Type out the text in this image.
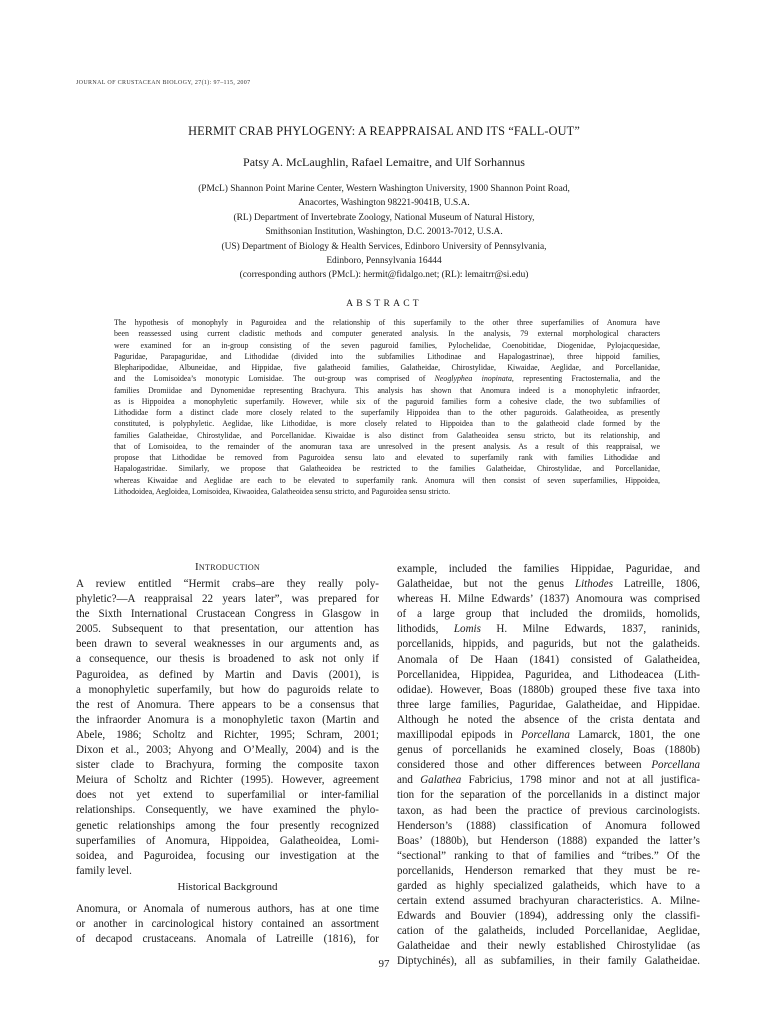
JOURNAL OF CRUSTACEAN BIOLOGY, 27(1): 97–115, 2007
HERMIT CRAB PHYLOGENY: A REAPPRAISAL AND ITS “FALL-OUT”
Patsy A. McLaughlin, Rafael Lemaitre, and Ulf Sorhannus
(PMcL) Shannon Point Marine Center, Western Washington University, 1900 Shannon Point Road,
Anacortes, Washington 98221-9041B, U.S.A.
(RL) Department of Invertebrate Zoology, National Museum of Natural History,
Smithsonian Institution, Washington, D.C. 20013-7012, U.S.A.
(US) Department of Biology & Health Services, Edinboro University of Pennsylvania,
Edinboro, Pennsylvania 16444
(corresponding authors (PMcL): hermit@fidalgo.net; (RL): lemaitrr@si.edu)
ABSTRACT
The hypothesis of monophyly in Paguroidea and the relationship of this superfamily to the other three superfamilies of Anomura have
been reassessed using current cladistic methods and computer generated analysis. In the analysis, 79 external morphological characters
were examined for an in-group consisting of the seven paguroid families, Pylochelidae, Coenobitidae, Diogenidae, Pylojacquesidae,
Paguridae, Parapaguridae, and Lithodidae (divided into the subfamilies Lithodinae and Hapalogastrinae), three hippoid families,
Blepharipodidae, Albuneidae, and Hippidae, five galatheoid families, Galatheidae, Chirostylidae, Kiwaidae, Aeglidae, and Porcellanidae,
and the Lomisoidea’s monotypic Lomisidae. The out-group was comprised of Neoglyphea inopinata, representing Fractosternalia, and the
families Dromiidae and Dynomenidae representing Brachyura. This analysis has shown that Anomura indeed is a monophyletic infraorder,
as is Hippoidea a monophyletic superfamily. However, while six of the paguroid families form a cohesive clade, the two subfamilies of
Lithodidae form a distinct clade more closely related to the superfamily Hippoidea than to the other paguroids. Galatheoidea, as presently
constituted, is polyphyletic. Aeglidae, like Lithodidae, is more closely related to Hippoidea than to the galatheoid clade formed by the
families Galatheidae, Chirostylidae, and Porcellanidae. Kiwaidae is also distinct from Galatheoidea sensu stricto, but its relationship, and
that of Lomisoidea, to the remainder of the anomuran taxa are unresolved in the present analysis. As a result of this reappraisal, we
propose that Lithodidae be removed from Paguroidea sensu lato and elevated to superfamily rank with families Lithodidae and
Hapalogastridae. Similarly, we propose that Galatheoidea be restricted to the families Galatheidae, Chirostylidae, and Porcellanidae,
whereas Kiwaidae and Aeglidae are each to be elevated to superfamily rank. Anomura will then consist of seven superfamilies, Hippoidea,
Lithodoidea, Aegloidea, Lomisoidea, Kiwaoidea, Galatheoidea sensu stricto, and Paguroidea sensu stricto.
Introduction
A review entitled “Hermit crabs–are they really poly-
phyletic?—A reappraisal 22 years later”, was prepared for
the Sixth International Crustacean Congress in Glasgow in
2005. Subsequent to that presentation, our attention has
been drawn to several weaknesses in our arguments and, as
a consequence, our thesis is broadened to ask not only if
Paguroidea, as defined by Martin and Davis (2001), is
a monophyletic superfamily, but how do paguroids relate to
the rest of Anomura. There appears to be a consensus that
the infraorder Anomura is a monophyletic taxon (Martin and
Abele, 1986; Scholtz and Richter, 1995; Schram, 2001;
Dixon et al., 2003; Ahyong and O’Meally, 2004) and is the
sister clade to Brachyura, forming the composite taxon
Meiura of Scholtz and Richter (1995). However, agreement
does not yet extend to superfamilial or inter-familial
relationships. Consequently, we have examined the phylo-
genetic relationships among the four presently recognized
superfamilies of Anomura, Hippoidea, Galatheoidea, Lomi-
soidea, and Paguroidea, focusing our investigation at the
family level.
Historical Background
Anomura, or Anomala of numerous authors, has at one time
or another in carcinological history contained an assortment
of decapod crustaceans. Anomala of Latreille (1816), for
example, included the families Hippidae, Paguridae, and
Galatheidae, but not the genus Lithodes Latreille, 1806,
whereas H. Milne Edwards’ (1837) Anomoura was comprised
of a large group that included the dromiids, homolids,
lithodids, Lomis H. Milne Edwards, 1837, raninids,
porcellanids, hippids, and pagurids, but not the galatheids.
Anomala of De Haan (1841) consisted of Galatheidea,
Porcellanidea, Hippidea, Paguridea, and Lithodeacea (Lith-
odidae). However, Boas (1880b) grouped these five taxa into
three large families, Paguridae, Galatheidae, and Hippidae.
Although he noted the absence of the crista dentata and
maxillipodal epipods in Porcellana Lamarck, 1801, the one
genus of porcellanids he examined closely, Boas (1880b)
considered those and other differences between Porcellana
and Galathea Fabricius, 1798 minor and not at all justifica-
tion for the separation of the porcellanids in a distinct major
taxon, as had been the practice of previous carcinologists.
Henderson’s (1888) classification of Anomura followed
Boas’ (1880b), but Henderson (1888) expanded the latter’s
“sectional” ranking to that of families and “tribes.” Of the
porcellanids, Henderson remarked that they must be re-
garded as highly specialized galatheids, which have to a
certain extend assumed brachyuran characteristics. A. Milne-
Edwards and Bouvier (1894), addressing only the classifi-
cation of the galatheids, included Porcellanidae, Aeglidae,
Galatheidae and their newly established Chirostylidae (as
Diptychinés), all as subfamilies, in their family Galatheidae.
97
